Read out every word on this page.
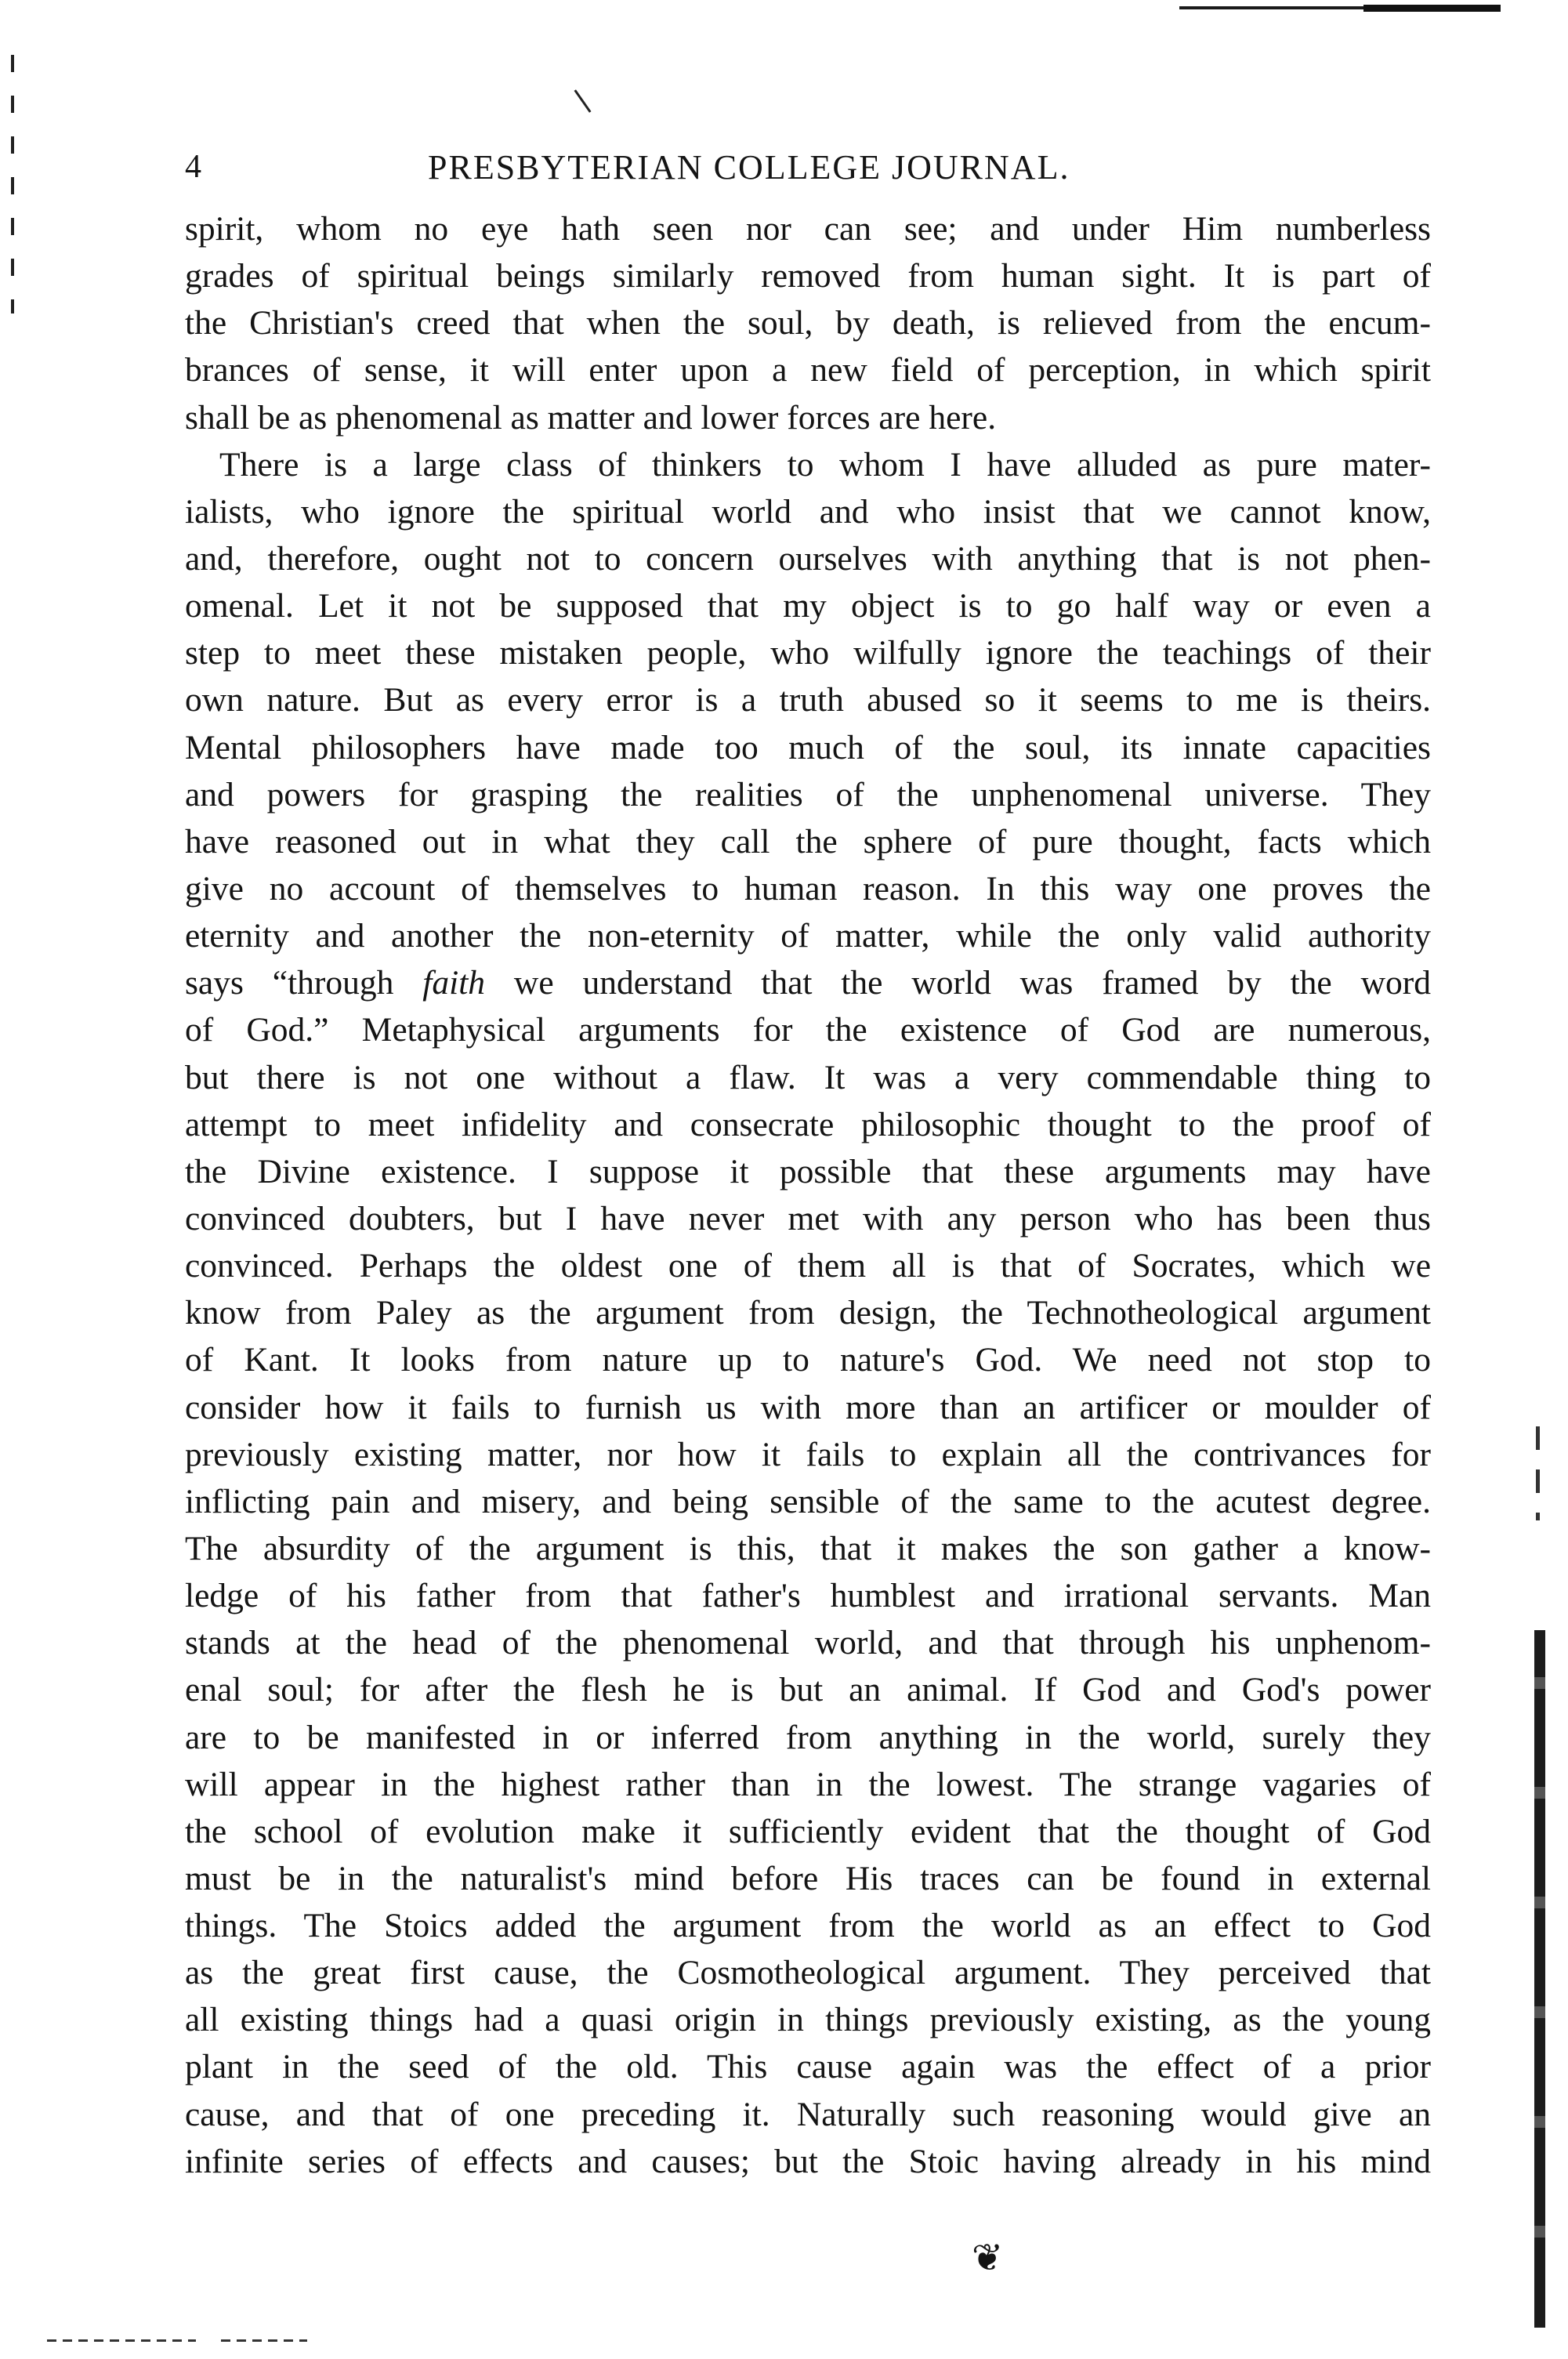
4	PRESBYTERIAN COLLEGE JOURNAL.
spirit, whom no eye hath seen nor can see; and under Him numberless
grades of spiritual beings similarly removed from human sight. It is part of
the Christian's creed that when the soul, by death, is relieved from the encum-
brances of sense, it will enter upon a new field of perception, in which spirit
shall be as phenomenal as matter and lower forces are here.
There is a large class of thinkers to whom I have alluded as pure mater-
ialists, who ignore the spiritual world and who insist that we cannot know,
and, therefore, ought not to concern ourselves with anything that is not phen-
omenal. Let it not be supposed that my object is to go half way or even a
step to meet these mistaken people, who wilfully ignore the teachings of their
own nature. But as every error is a truth abused so it seems to me is theirs.
Mental philosophers have made too much of the soul, its innate capacities
and powers for grasping the realities of the unphenomenal universe. They
have reasoned out in what they call the sphere of pure thought, facts which
give no account of themselves to human reason. In this way one proves the
eternity and another the non-eternity of matter, while the only valid authority
says “through faith we understand that the world was framed by the word
of God.” Metaphysical arguments for the existence of God are numerous,
but there is not one without a flaw. It was a very commendable thing to
attempt to meet infidelity and consecrate philosophic thought to the proof of
the Divine existence. I suppose it possible that these arguments may have
convinced doubters, but I have never met with any person who has been thus
convinced. Perhaps the oldest one of them all is that of Socrates, which we
know from Paley as the argument from design, the Technotheological argument
of Kant. It looks from nature up to nature's God. We need not stop to
consider how it fails to furnish us with more than an artificer or moulder of
previously existing matter, nor how it fails to explain all the contrivances for
inflicting pain and misery, and being sensible of the same to the acutest degree.
The absurdity of the argument is this, that it makes the son gather a know-
ledge of his father from that father's humblest and irrational servants. Man
stands at the head of the phenomenal world, and that through his unphenom-
enal soul; for after the flesh he is but an animal. If God and God's power
are to be manifested in or inferred from anything in the world, surely they
will appear in the highest rather than in the lowest. The strange vagaries of
the school of evolution make it sufficiently evident that the thought of God
must be in the naturalist's mind before His traces can be found in external
things. The Stoics added the argument from the world as an effect to God
as the great first cause, the Cosmotheological argument. They perceived that
all existing things had a quasi origin in things previously existing, as the young
plant in the seed of the old. This cause again was the effect of a prior
cause, and that of one preceding it. Naturally such reasoning would give an
infinite series of effects and causes; but the Stoic having already in his mind
❦
